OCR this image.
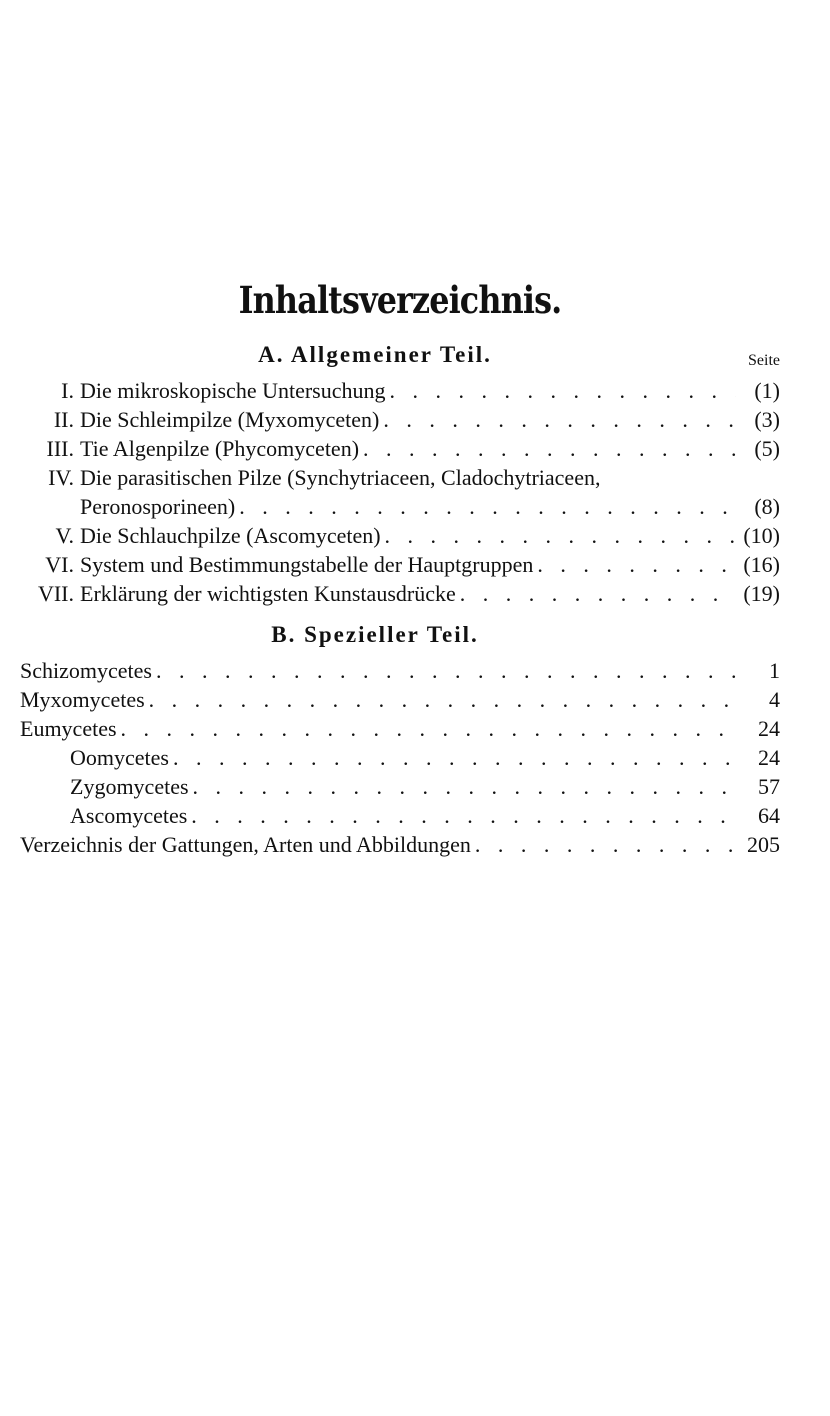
Inhaltsverzeichnis.
A. Allgemeiner Teil.	Seite
I. Die mikroskopische Untersuchung . . .	(1)
II. Die Schleimpilze (Myxomyceten) . . .	(3)
III. Tie Algenpilze (Phycomyceten) . . .	(5)
IV. Die parasitischen Pilze (Synchytriaceen, Cladochytriaceen,
Peronosporineen) . . .	(8)
V. Die Schlauchpilze (Ascomyceten) . . .	(10)
VI. System und Bestimmungstabelle der Hauptgruppen . . .	(16)
VII. Erklärung der wichtigsten Kunstausdrücke . . .	(19)
B. Spezieller Teil.
Schizomycetes . . .	1
Myxomycetes . . .	4
Eumycetes . . .	24
Oomycetes . . .	24
Zygomycetes . . .	57
Ascomycetes . . .	64
Verzeichnis der Gattungen, Arten und Abbildungen . . .	205
